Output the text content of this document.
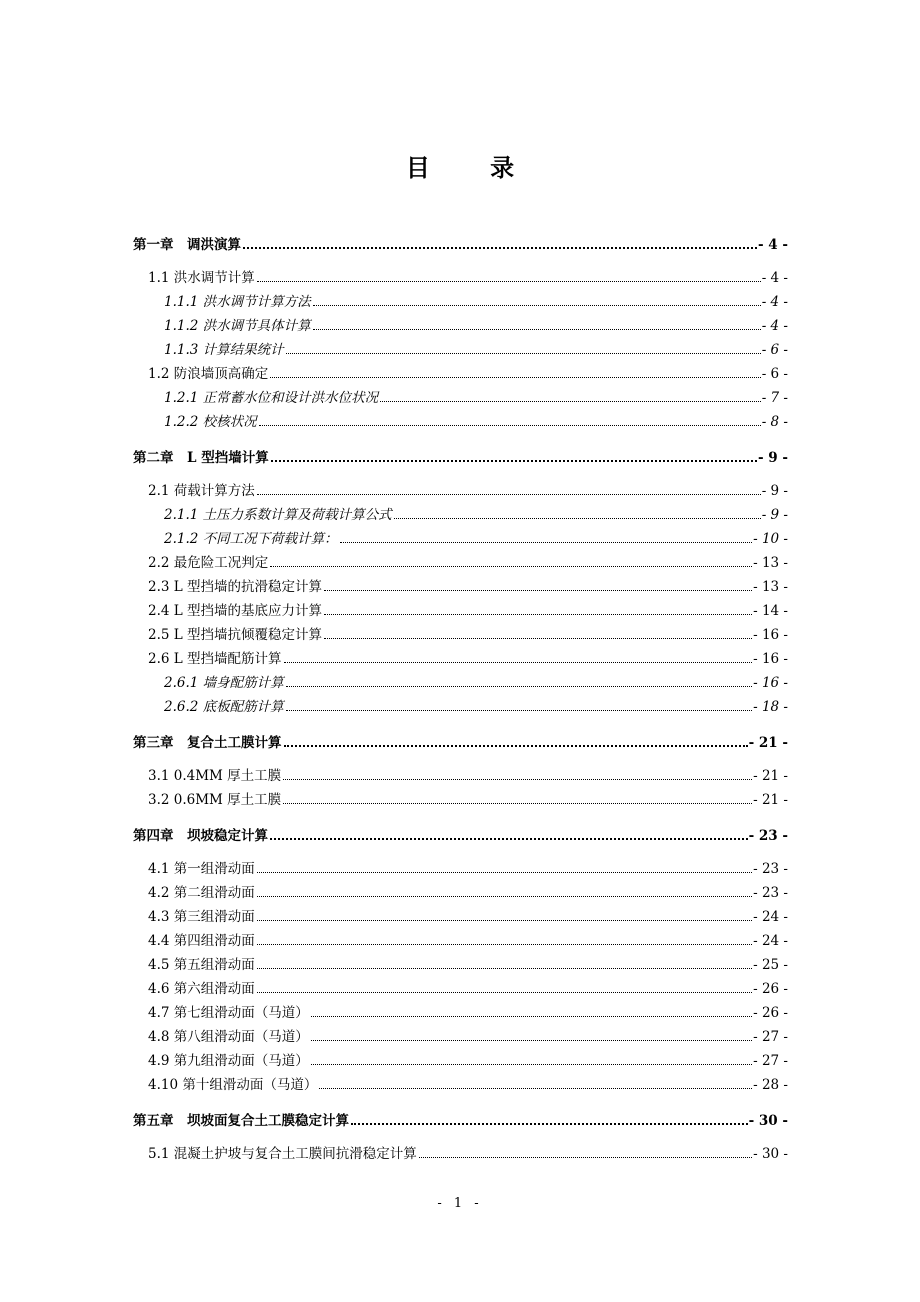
目 录
第一章　调洪演算	- 4 -
1.1 洪水调节计算	- 4 -
1.1.1 洪水调节计算方法	- 4 -
1.1.2 洪水调节具体计算	- 4 -
1.1.3 计算结果统计	- 6 -
1.2 防浪墙顶高确定	- 6 -
1.2.1 正常蓄水位和设计洪水位状况	- 7 -
1.2.2 校核状况	- 8 -
第二章　L 型挡墙计算	- 9 -
2.1 荷载计算方法	- 9 -
2.1.1 土压力系数计算及荷载计算公式	- 9 -
2.1.2 不同工况下荷载计算：	- 10 -
2.2 最危险工况判定	- 13 -
2.3 L 型挡墙的抗滑稳定计算	- 13 -
2.4 L 型挡墙的基底应力计算	- 14 -
2.5 L 型挡墙抗倾覆稳定计算	- 16 -
2.6 L 型挡墙配筋计算	- 16 -
2.6.1 墙身配筋计算	- 16 -
2.6.2 底板配筋计算	- 18 -
第三章　复合土工膜计算	- 21 -
3.1 0.4MM 厚土工膜	- 21 -
3.2 0.6MM 厚土工膜	- 21 -
第四章　坝坡稳定计算	- 23 -
4.1 第一组滑动面	- 23 -
4.2 第二组滑动面	- 23 -
4.3 第三组滑动面	- 24 -
4.4 第四组滑动面	- 24 -
4.5 第五组滑动面	- 25 -
4.6 第六组滑动面	- 26 -
4.7 第七组滑动面（马道）	- 26 -
4.8 第八组滑动面（马道）	- 27 -
4.9 第九组滑动面（马道）	- 27 -
4.10 第十组滑动面（马道）	- 28 -
第五章　坝坡面复合土工膜稳定计算	- 30 -
5.1 混凝土护坡与复合土工膜间抗滑稳定计算	- 30 -
- 1 -
